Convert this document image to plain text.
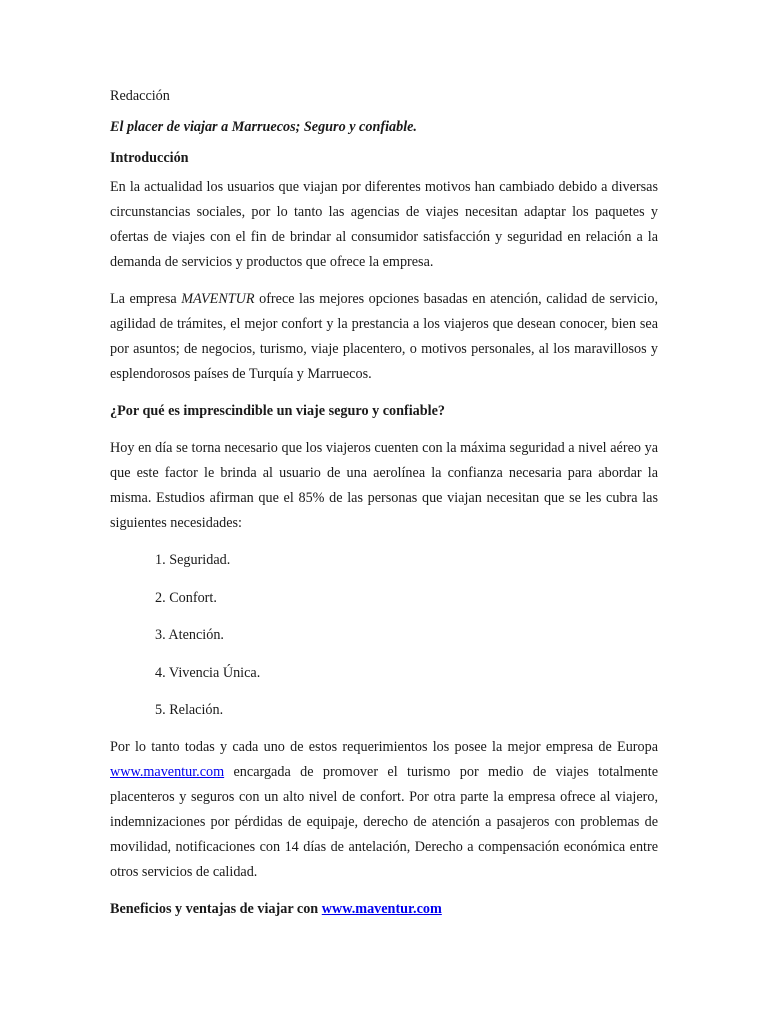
Redacción

El placer de viajar a Marruecos; Seguro y confiable.

Introducción

En la actualidad los usuarios que viajan por diferentes motivos han cambiado debido a diversas circunstancias sociales, por lo tanto las agencias de viajes necesitan adaptar los paquetes y ofertas de viajes con el fin de brindar al consumidor satisfacción y seguridad en relación a la demanda de servicios y productos que ofrece la empresa.

La empresa MAVENTUR ofrece las mejores opciones basadas en atención, calidad de servicio, agilidad de trámites, el mejor confort y la prestancia a los viajeros que desean conocer, bien sea por asuntos; de negocios, turismo, viaje placentero, o motivos personales, al los maravillosos y esplendorosos países de Turquía y Marruecos.

¿Por qué es imprescindible un viaje seguro y confiable?

Hoy en día se torna necesario que los viajeros cuenten con la máxima seguridad a nivel aéreo ya que este factor le brinda al usuario de una aerolínea la confianza necesaria para abordar la misma. Estudios afirman que el 85% de las personas que viajan necesitan que se les cubra las siguientes necesidades:

1. Seguridad.
2. Confort.
3. Atención.
4. Vivencia Única.
5. Relación.

Por lo tanto todas y cada uno de estos requerimientos los posee la mejor empresa de Europa www.maventur.com encargada de promover el turismo por medio de viajes totalmente placenteros y seguros con un alto nivel de confort. Por otra parte la empresa ofrece al viajero, indemnizaciones por pérdidas de equipaje, derecho de atención a pasajeros con problemas de movilidad, notificaciones con 14 días de antelación, Derecho a compensación económica entre otros servicios de calidad.

Beneficios y ventajas de viajar con www.maventur.com
